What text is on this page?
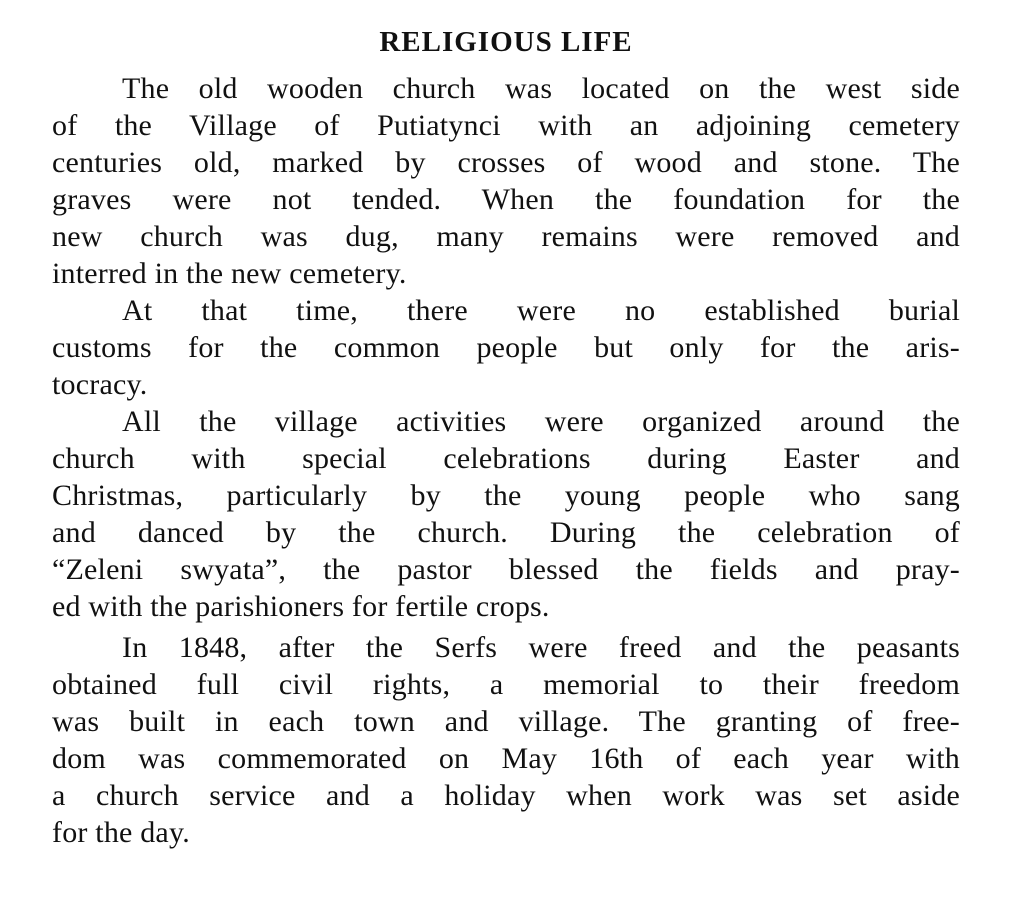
RELIGIOUS LIFE
The old wooden church was located on the west side
of the Village of Putiatynci with an adjoining cemetery
centuries old, marked by crosses of wood and stone. The
graves were not tended. When the foundation for the
new church was dug, many remains were removed and
interred in the new cemetery.
At that time, there were no established burial
customs for the common people but only for the aris-
tocracy.
All the village activities were organized around the
church with special celebrations during Easter and
Christmas, particularly by the young people who sang
and danced by the church. During the celebration of
“Zeleni swyata”, the pastor blessed the fields and pray-
ed with the parishioners for fertile crops.
In 1848, after the Serfs were freed and the peasants
obtained full civil rights, a memorial to their freedom
was built in each town and village. The granting of free-
dom was commemorated on May 16th of each year with
a church service and a holiday when work was set aside
for the day.
